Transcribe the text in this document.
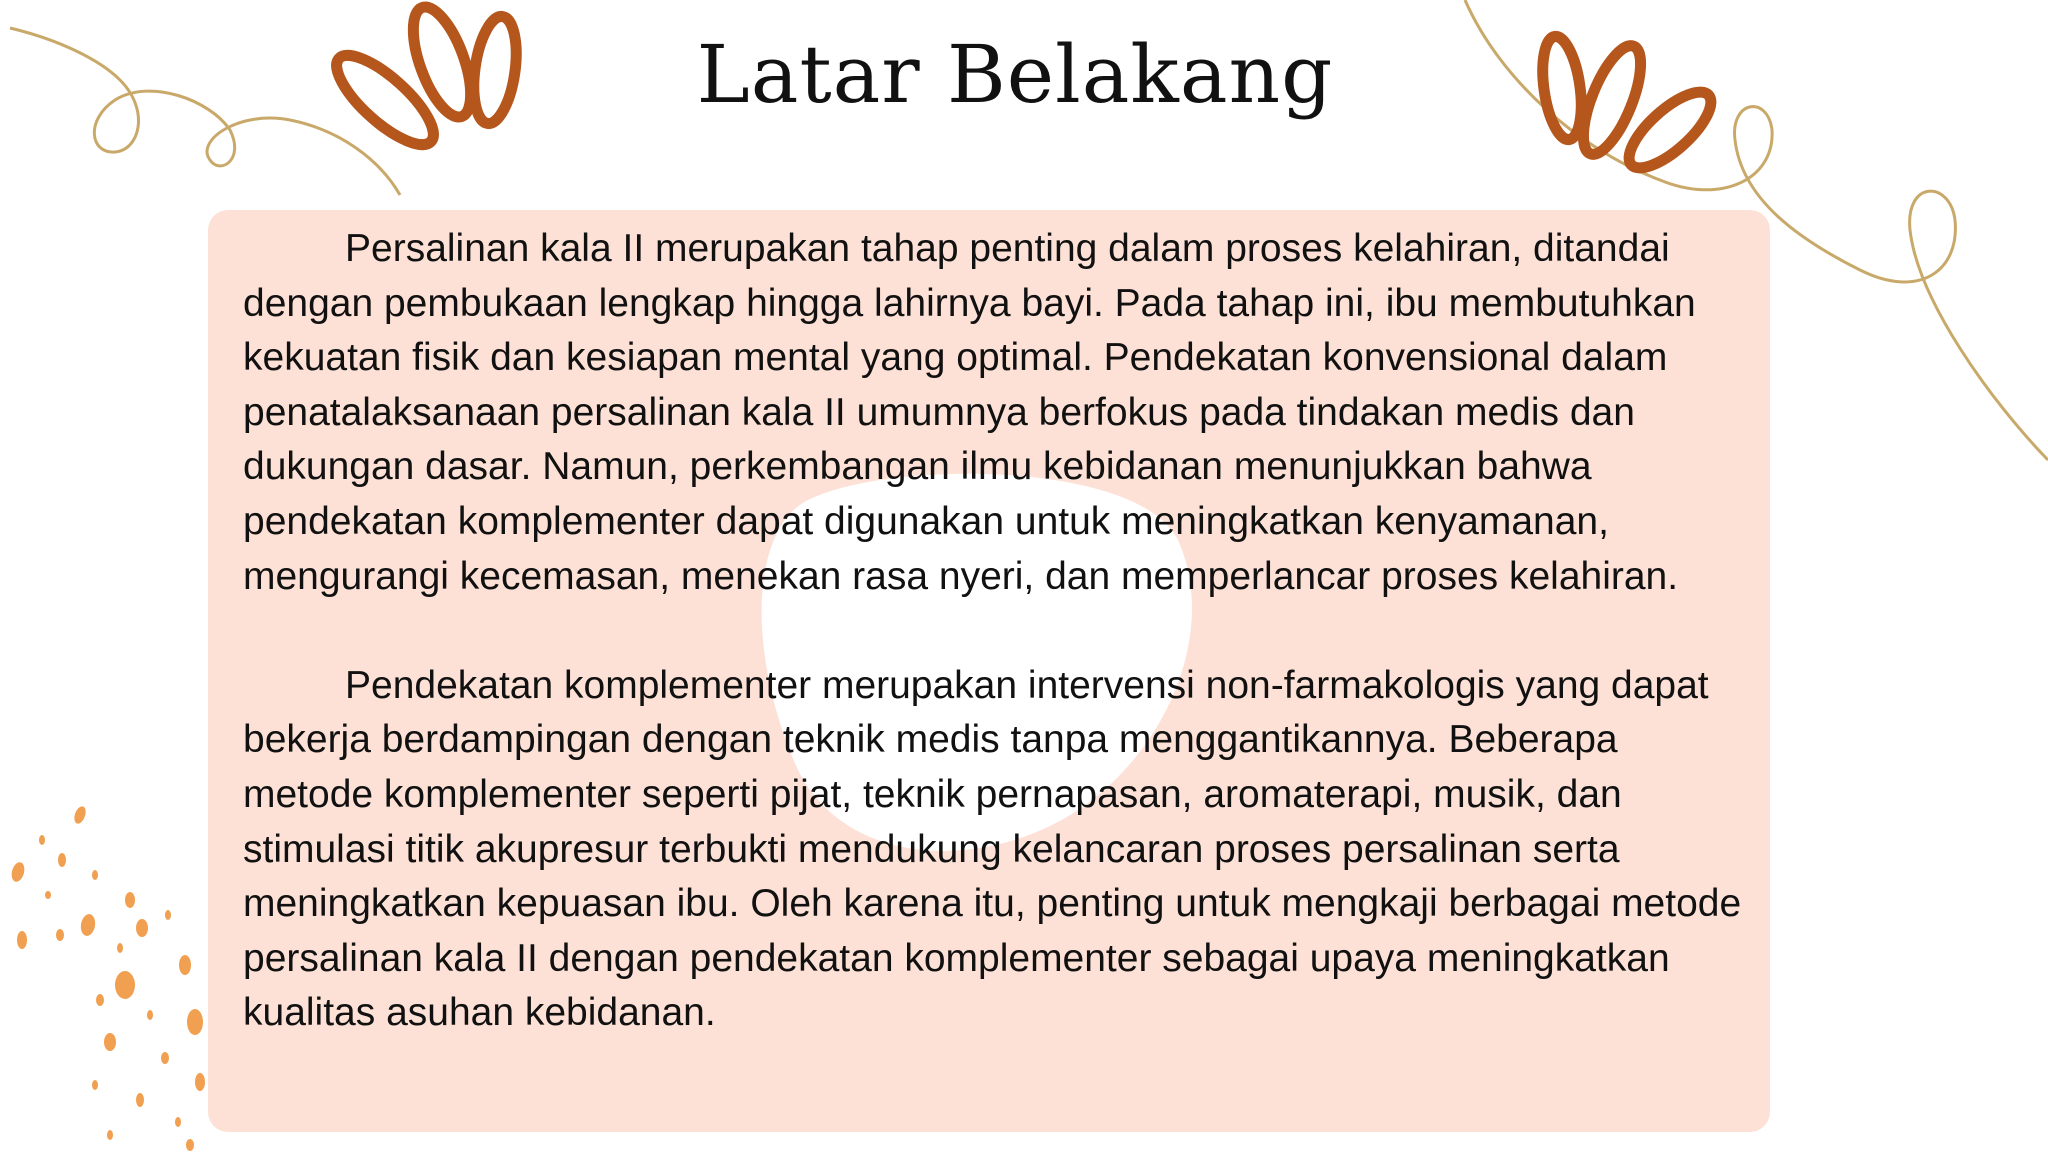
Latar Belakang

Persalinan kala II merupakan tahap penting dalam proses kelahiran, ditandai dengan pembukaan lengkap hingga lahirnya bayi. Pada tahap ini, ibu membutuhkan kekuatan fisik dan kesiapan mental yang optimal. Pendekatan konvensional dalam penatalaksanaan persalinan kala II umumnya berfokus pada tindakan medis dan dukungan dasar. Namun, perkembangan ilmu kebidanan menunjukkan bahwa pendekatan komplementer dapat digunakan untuk meningkatkan kenyamanan, mengurangi kecemasan, menekan rasa nyeri, dan memperlancar proses kelahiran.

Pendekatan komplementer merupakan intervensi non-farmakologis yang dapat bekerja berdampingan dengan teknik medis tanpa menggantikannya. Beberapa metode komplementer seperti pijat, teknik pernapasan, aromaterapi, musik, dan stimulasi titik akupresur terbukti mendukung kelancaran proses persalinan serta meningkatkan kepuasan ibu. Oleh karena itu, penting untuk mengkaji berbagai metode persalinan kala II dengan pendekatan komplementer sebagai upaya meningkatkan kualitas asuhan kebidanan.
